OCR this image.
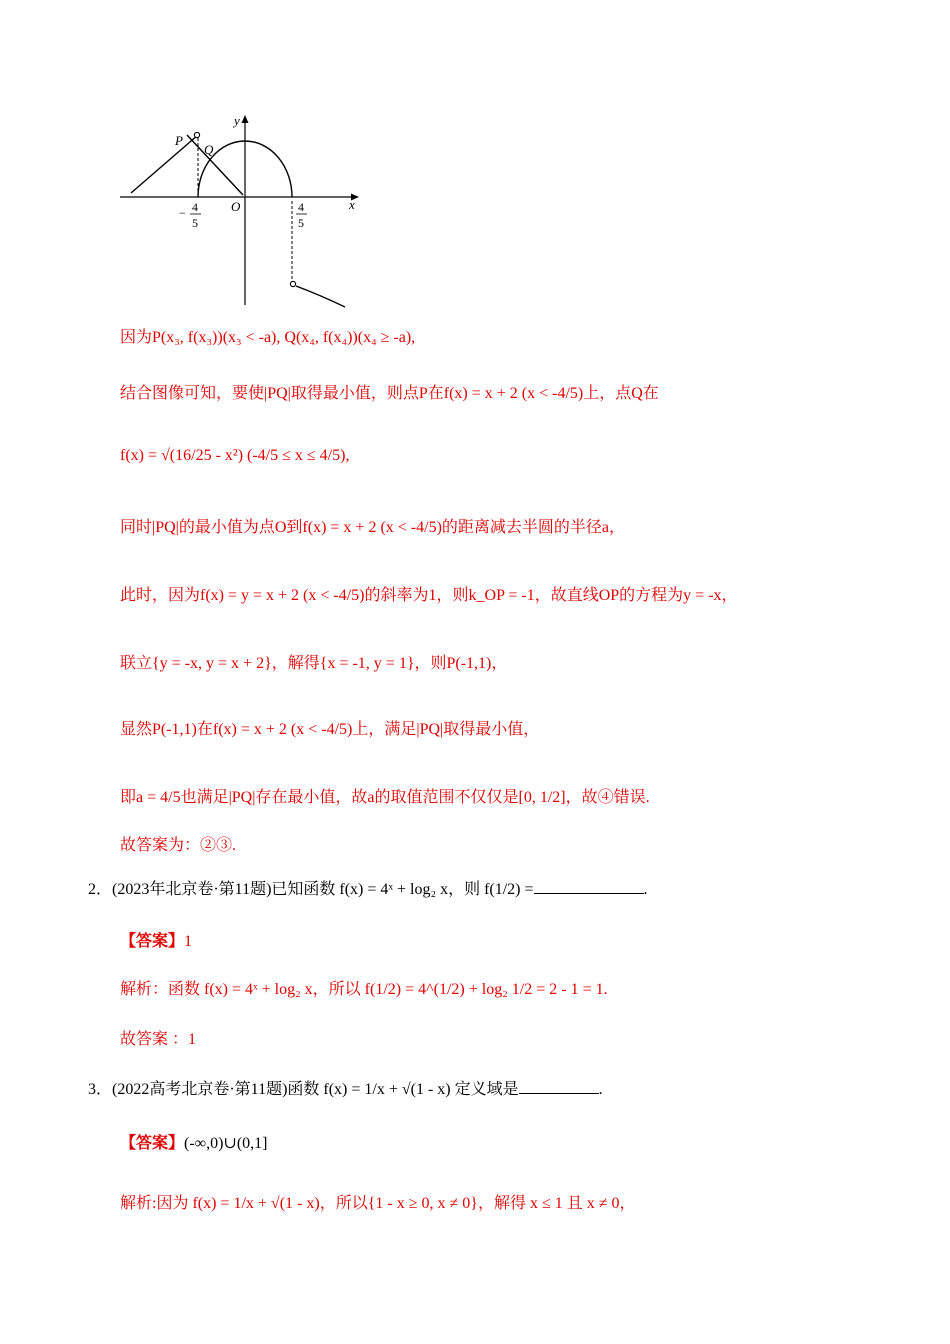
y
x
O
P
Q
− 4
5
4
5
因为P(x₃, f(x₃))(x₃ < -a), Q(x₄, f(x₄))(x₄ ≥ -a),
结合图像可知，要使|PQ|取得最小值，则点P在f(x) = x + 2 (x < -4/5)上，点Q在
f(x) = √(16/25 - x²) (-4/5 ≤ x ≤ 4/5),
同时|PQ|的最小值为点O到f(x) = x + 2 (x < -4/5)的距离减去半圆的半径a，
此时，因为f(x) = y = x + 2 (x < -4/5)的斜率为1，则k_OP = -1，故直线OP的方程为y = -x，
联立{y = -x, y = x + 2}，解得{x = -1, y = 1}，则P(-1,1)，
显然P(-1,1)在f(x) = x + 2 (x < -4/5)上，满足|PQ|取得最小值，
即a = 4/5也满足|PQ|存在最小值，故a的取值范围不仅仅是[0, 1/2]，故④错误.
故答案为：②③.
2．(2023年北京卷·第11题)已知函数 f(x) = 4ˣ + log₂ x，则 f(1/2) =	.
【答案】1
解析：函数 f(x) = 4ˣ + log₂ x，所以 f(1/2) = 4^(1/2) + log₂ 1/2 = 2 - 1 = 1.
故答案 ：1
3．(2022高考北京卷·第11题)函数 f(x) = 1/x + √(1 - x) 定义域是	.
【答案】(-∞,0)∪(0,1]
解析:因为 f(x) = 1/x + √(1 - x)，所以{1 - x ≥ 0, x ≠ 0}，解得 x ≤ 1 且 x ≠ 0，
